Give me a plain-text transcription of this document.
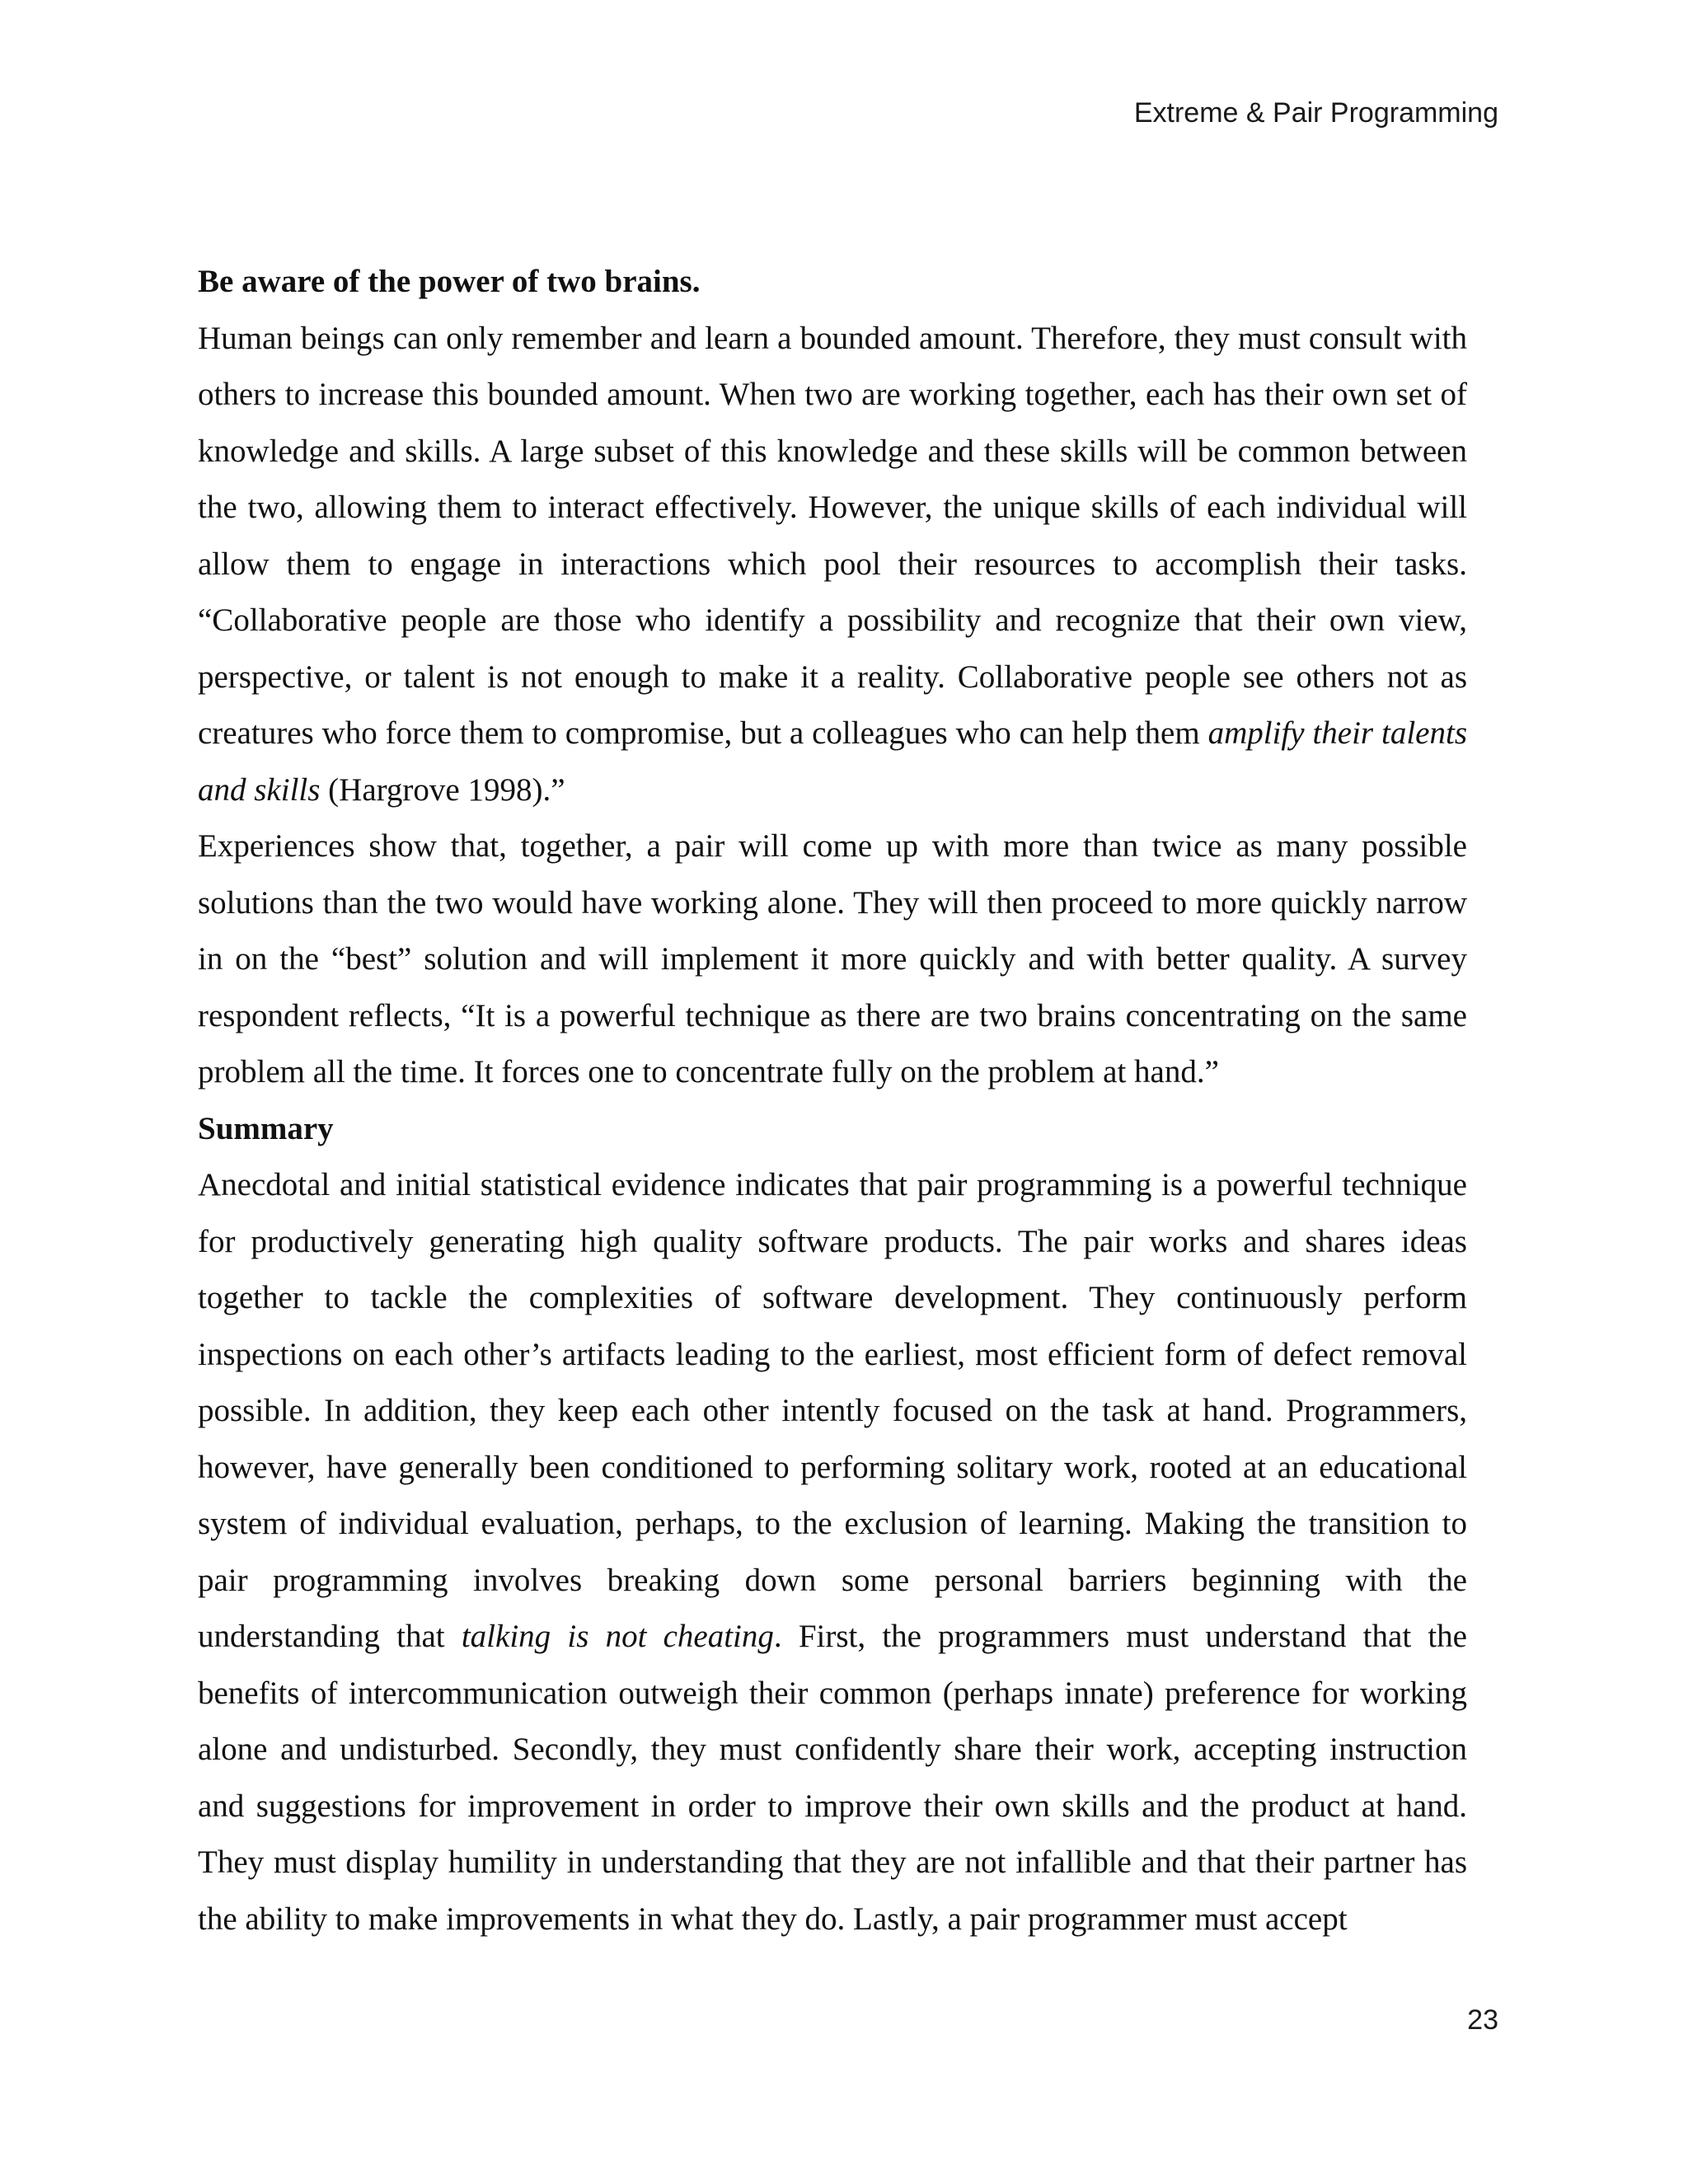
Extreme & Pair Programming

Be aware of the power of two brains.

Human beings can only remember and learn a bounded amount. Therefore, they must consult with others to increase this bounded amount. When two are working together, each has their own set of knowledge and skills. A large subset of this knowledge and these skills will be common between the two, allowing them to interact effectively. However, the unique skills of each individual will allow them to engage in interactions which pool their resources to accomplish their tasks. “Collaborative people are those who identify a possibility and recognize that their own view, perspective, or talent is not enough to make it a reality. Collaborative people see others not as creatures who force them to compromise, but a colleagues who can help them amplify their talents and skills (Hargrove 1998).”

Experiences show that, together, a pair will come up with more than twice as many possible solutions than the two would have working alone. They will then proceed to more quickly narrow in on the “best” solution and will implement it more quickly and with better quality. A survey respondent reflects, “It is a powerful technique as there are two brains concentrating on the same problem all the time. It forces one to concentrate fully on the problem at hand.”

Summary

Anecdotal and initial statistical evidence indicates that pair programming is a powerful technique for productively generating high quality software products. The pair works and shares ideas together to tackle the complexities of software development. They continuously perform inspections on each other’s artifacts leading to the earliest, most efficient form of defect removal possible. In addition, they keep each other intently focused on the task at hand. Programmers, however, have generally been conditioned to performing solitary work, rooted at an educational system of individual evaluation, perhaps, to the exclusion of learning. Making the transition to pair programming involves breaking down some personal barriers beginning with the understanding that talking is not cheating. First, the programmers must understand that the benefits of intercommunication outweigh their common (perhaps innate) preference for working alone and undisturbed. Secondly, they must confidently share their work, accepting instruction and suggestions for improvement in order to improve their own skills and the product at hand. They must display humility in understanding that they are not infallible and that their partner has the ability to make improvements in what they do. Lastly, a pair programmer must accept

23
